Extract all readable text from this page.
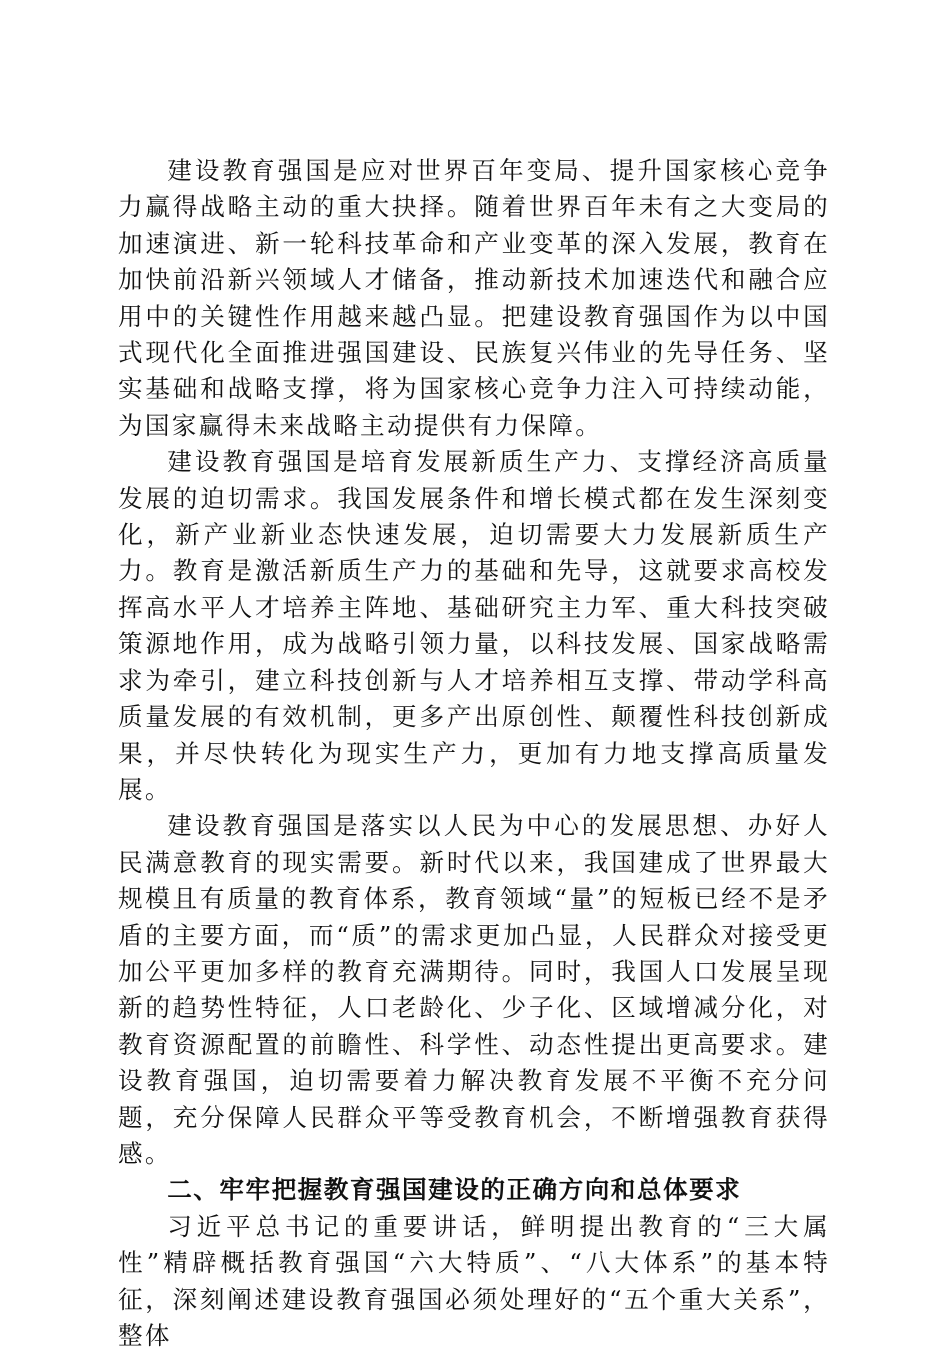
建设教育强国是应对世界百年变局、提升国家核心竞争力赢得战略主动的重大抉择。随着世界百年未有之大变局的加速演进、新一轮科技革命和产业变革的深入发展，教育在加快前沿新兴领域人才储备，推动新技术加速迭代和融合应用中的关键性作用越来越凸显。把建设教育强国作为以中国式现代化全面推进强国建设、民族复兴伟业的先导任务、坚实基础和战略支撑，将为国家核心竞争力注入可持续动能，为国家赢得未来战略主动提供有力保障。

建设教育强国是培育发展新质生产力、支撑经济高质量发展的迫切需求。我国发展条件和增长模式都在发生深刻变化，新产业新业态快速发展，迫切需要大力发展新质生产力。教育是激活新质生产力的基础和先导，这就要求高校发挥高水平人才培养主阵地、基础研究主力军、重大科技突破策源地作用，成为战略引领力量，以科技发展、国家战略需求为牵引，建立科技创新与人才培养相互支撑、带动学科高质量发展的有效机制，更多产出原创性、颠覆性科技创新成果，并尽快转化为现实生产力，更加有力地支撑高质量发展。

建设教育强国是落实以人民为中心的发展思想、办好人民满意教育的现实需要。新时代以来，我国建成了世界最大规模且有质量的教育体系，教育领域“量”的短板已经不是矛盾的主要方面，而“质”的需求更加凸显，人民群众对接受更加公平更加多样的教育充满期待。同时，我国人口发展呈现新的趋势性特征，人口老龄化、少子化、区域增减分化，对教育资源配置的前瞻性、科学性、动态性提出更高要求。建设教育强国，迫切需要着力解决教育发展不平衡不充分问题，充分保障人民群众平等受教育机会，不断增强教育获得感。

二、牢牢把握教育强国建设的正确方向和总体要求

习近平总书记的重要讲话，鲜明提出教育的“三大属性”精辟概括教育强国“六大特质”、“八大体系”的基本特征，深刻阐述建设教育强国必须处理好的“五个重大关系”，整体
